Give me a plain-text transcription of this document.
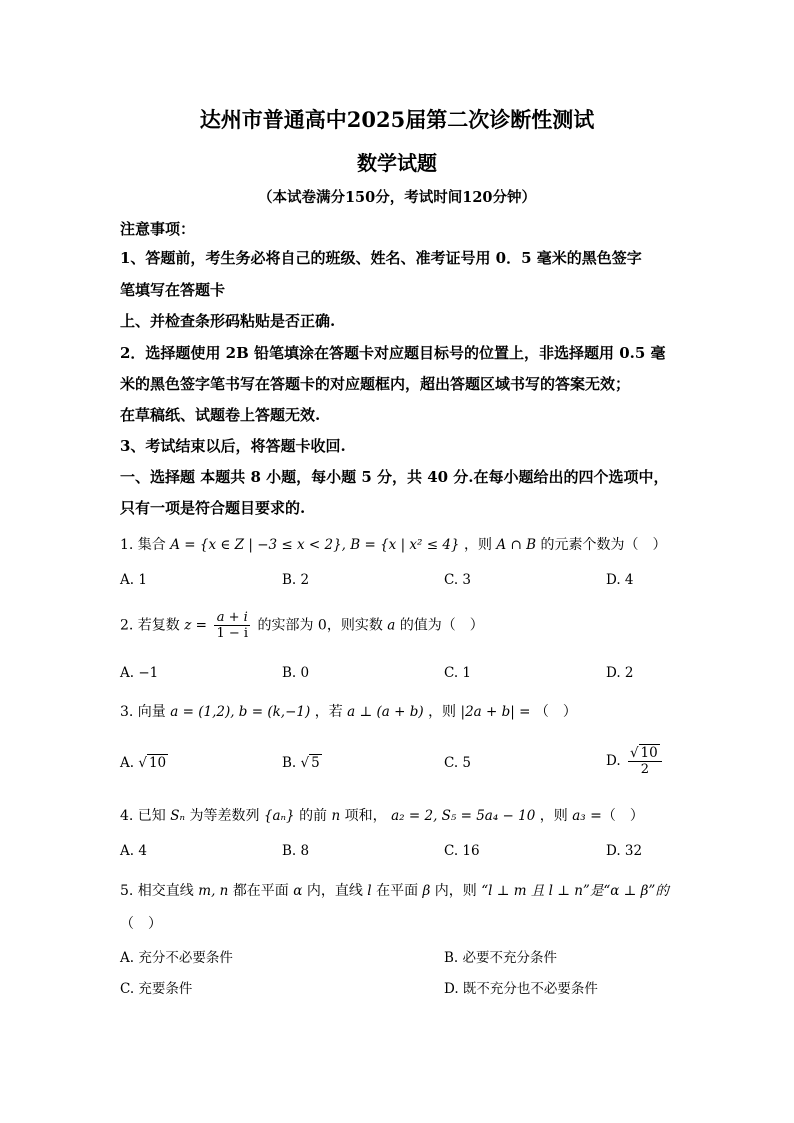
达州市普通高中2025届第二次诊断性测试
数学试题
（本试卷满分150分，考试时间120分钟）
注意事项：
1、答题前，考生务必将自己的班级、姓名、准考证号用 0．5 毫米的黑色签字
笔填写在答题卡
上、并检查条形码粘贴是否正确.
2．选择题使用 2B 铅笔填涂在答题卡对应题目标号的位置上，非选择题用 0.5 毫
米的黑色签字笔书写在答题卡的对应题框内，超出答题区域书写的答案无效；
在草稿纸、试题卷上答题无效.
3、考试结束以后，将答题卡收回.
一、选择题 本题共 8 小题，每小题 5 分，共 40 分.在每小题给出的四个选项中，
只有一项是符合题目要求的.
1. 集合 A = {x ∈ Z | −3 ≤ x < 2}, B = {x | x² ≤ 4} ，则 A ∩ B 的元素个数为（　）
A. 1	B. 2	C. 3	D. 4
2. 若复数 $z = \frac{a + i}{1 - i}$ 的实部为 0，则实数 a 的值为（　）
A. −1	B. 0	C. 1	D. 2
3. 向量 a = (1,2), b = (k,−1) ，若 a ⊥ (a + b) ，则 |2a + b| = （　）
A. √ 10	B. √ 5	C. 5	D. $\frac{√ 10}{2}$
4. 已知 Sₙ 为等差数列 {aₙ} 的前 n 项和， a₂ = 2, S₅ = 5a₄ − 10 ，则 a₃ =（　）
A. 4	B. 8	C. 16	D. 32
5. 相交直线 m, n 都在平面 α 内，直线 l 在平面 β 内，则 “l ⊥ m 且 l ⊥ n”是“α ⊥ β”的
（　）
A. 充分不必要条件	B. 必要不充分条件
C. 充要条件	D. 既不充分也不必要条件
